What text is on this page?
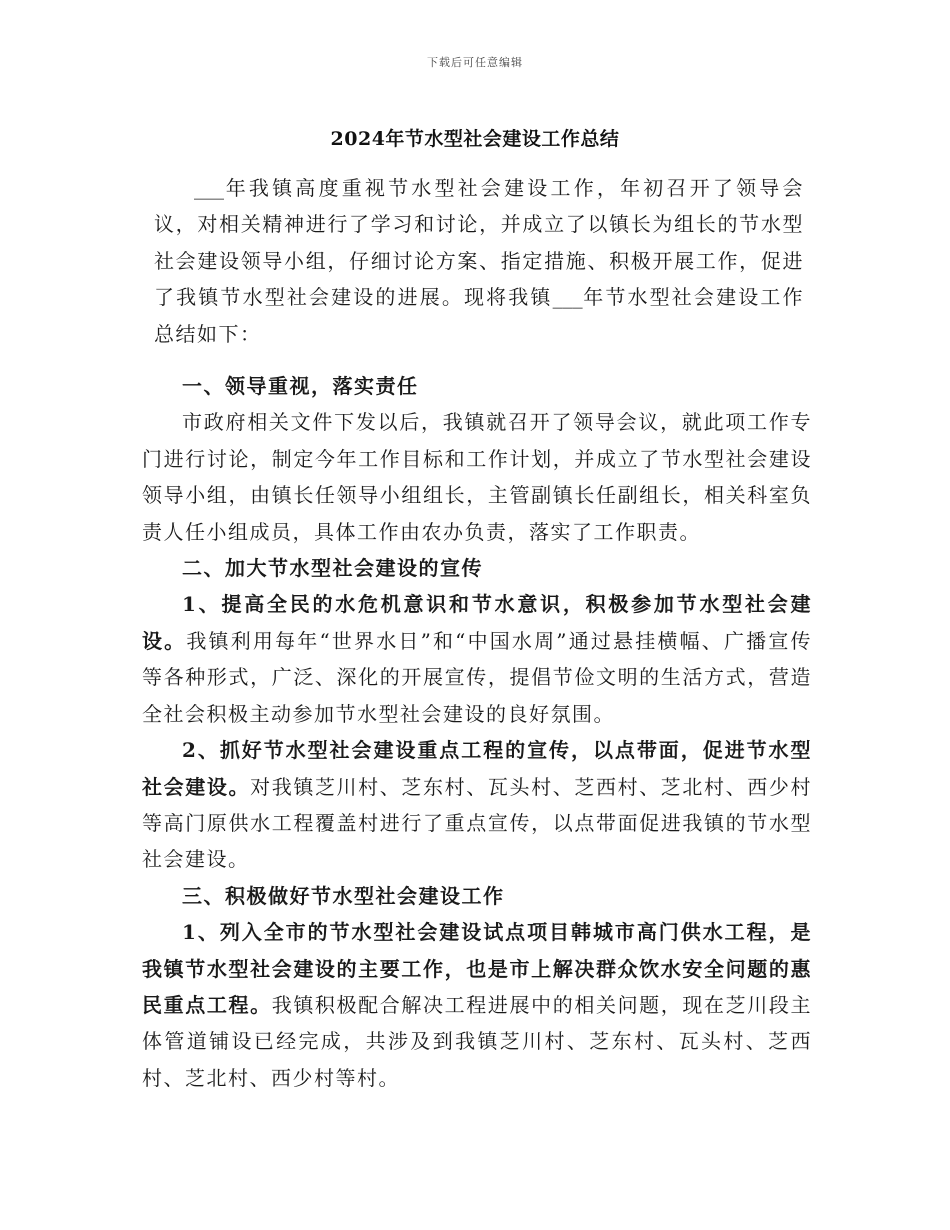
下载后可任意编辑
2024年节水型社会建设工作总结

___年我镇高度重视节水型社会建设工作，年初召开了领导会议，对相关精神进行了学习和讨论，并成立了以镇长为组长的节水型社会建设领导小组，仔细讨论方案、指定措施、积极开展工作，促进了我镇节水型社会建设的进展。现将我镇___年节水型社会建设工作总结如下：

一、领导重视，落实责任

市政府相关文件下发以后，我镇就召开了领导会议，就此项工作专门进行讨论，制定今年工作目标和工作计划，并成立了节水型社会建设领导小组，由镇长任领导小组组长，主管副镇长任副组长，相关科室负责人任小组成员，具体工作由农办负责，落实了工作职责。

二、加大节水型社会建设的宣传

1、提高全民的水危机意识和节水意识，积极参加节水型社会建设。我镇利用每年“世界水日”和“中国水周”通过悬挂横幅、广播宣传等各种形式，广泛、深化的开展宣传，提倡节俭文明的生活方式，营造全社会积极主动参加节水型社会建设的良好氛围。

2、抓好节水型社会建设重点工程的宣传，以点带面，促进节水型社会建设。对我镇芝川村、芝东村、瓦头村、芝西村、芝北村、西少村等高门原供水工程覆盖村进行了重点宣传，以点带面促进我镇的节水型社会建设。

三、积极做好节水型社会建设工作

1、列入全市的节水型社会建设试点项目韩城市高门供水工程，是我镇节水型社会建设的主要工作，也是市上解决群众饮水安全问题的惠民重点工程。我镇积极配合解决工程进展中的相关问题，现在芝川段主体管道铺设已经完成，共涉及到我镇芝川村、芝东村、瓦头村、芝西村、芝北村、西少村等村。
